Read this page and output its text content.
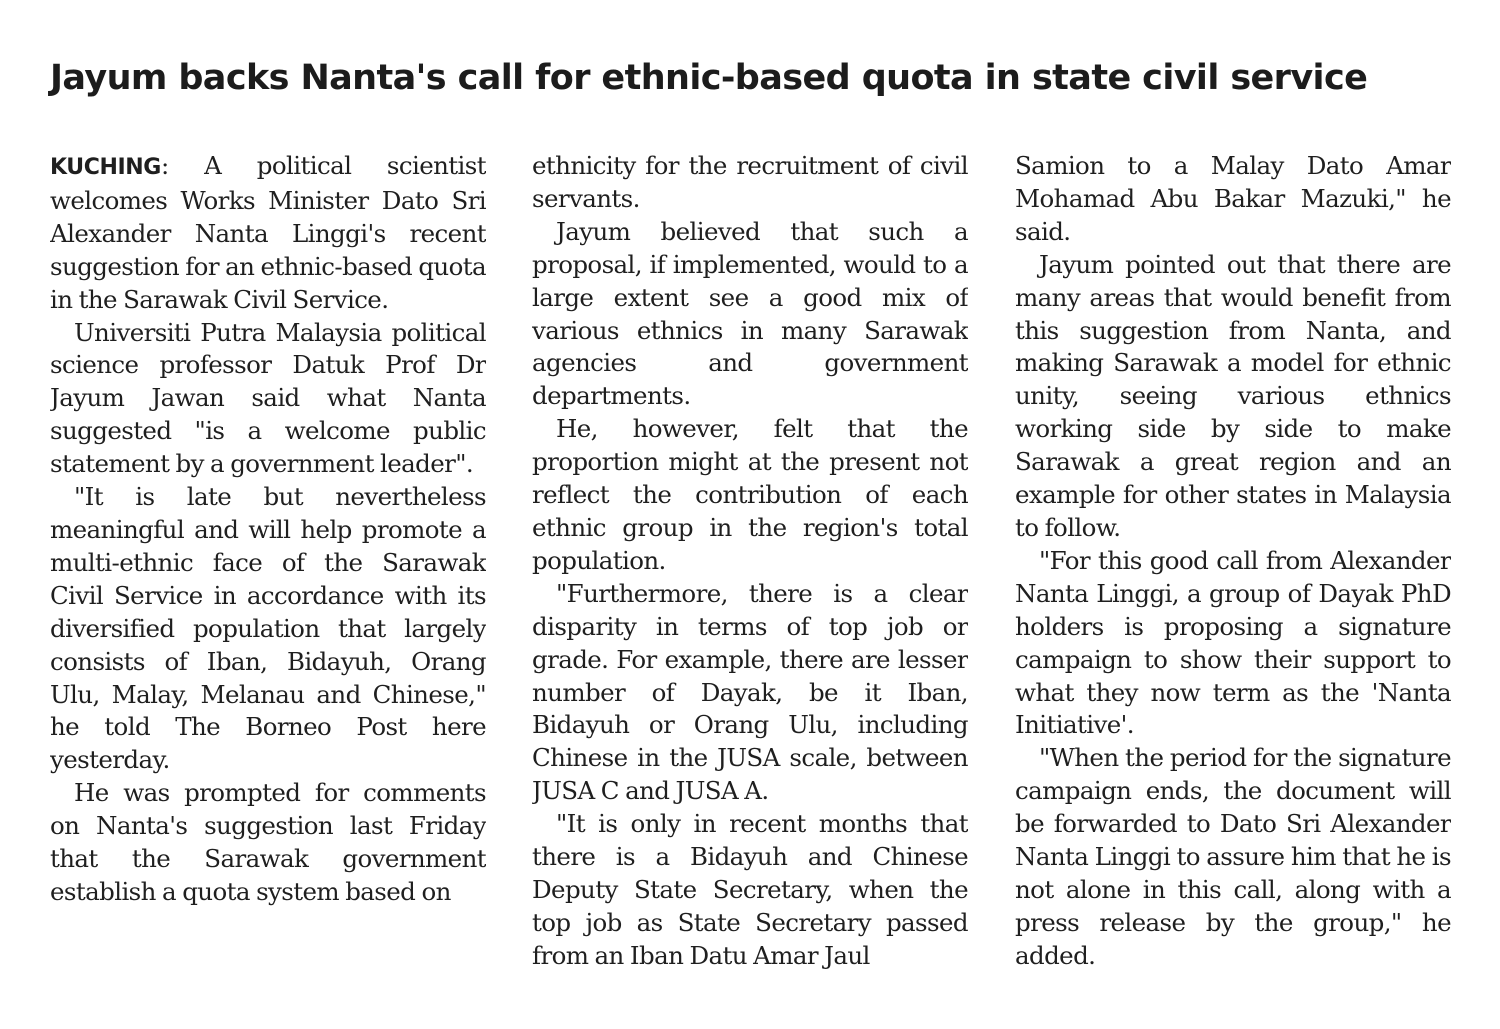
Jayum backs Nanta's call for ethnic-based quota in state civil service

KUCHING: A political scientist welcomes Works Minister Dato Sri Alexander Nanta Linggi's recent suggestion for an ethnic-based quota in the Sarawak Civil Service.

Universiti Putra Malaysia political science professor Datuk Prof Dr Jayum Jawan said what Nanta suggested "is a welcome public statement by a government leader".

"It is late but nevertheless meaningful and will help promote a multi-ethnic face of the Sarawak Civil Service in accordance with its diversified population that largely consists of Iban, Bidayuh, Orang Ulu, Malay, Melanau and Chinese," he told The Borneo Post here yesterday.

He was prompted for comments on Nanta's suggestion last Friday that the Sarawak government establish a quota system based on

ethnicity for the recruitment of civil servants.

Jayum believed that such a proposal, if implemented, would to a large extent see a good mix of various ethnics in many Sarawak agencies and government departments.

He, however, felt that the proportion might at the present not reflect the contribution of each ethnic group in the region's total population.

"Furthermore, there is a clear disparity in terms of top job or grade. For example, there are lesser number of Dayak, be it Iban, Bidayuh or Orang Ulu, including Chinese in the JUSA scale, between JUSA C and JUSA A.

"It is only in recent months that there is a Bidayuh and Chinese Deputy State Secretary, when the top job as State Secretary passed from an Iban Datu Amar Jaul

Samion to a Malay Dato Amar Mohamad Abu Bakar Mazuki," he said.

Jayum pointed out that there are many areas that would benefit from this suggestion from Nanta, and making Sarawak a model for ethnic unity, seeing various ethnics working side by side to make Sarawak a great region and an example for other states in Malaysia to follow.

"For this good call from Alexander Nanta Linggi, a group of Dayak PhD holders is proposing a signature campaign to show their support to what they now term as the 'Nanta Initiative'.

"When the period for the signature campaign ends, the document will be forwarded to Dato Sri Alexander Nanta Linggi to assure him that he is not alone in this call, along with a press release by the group," he added.
